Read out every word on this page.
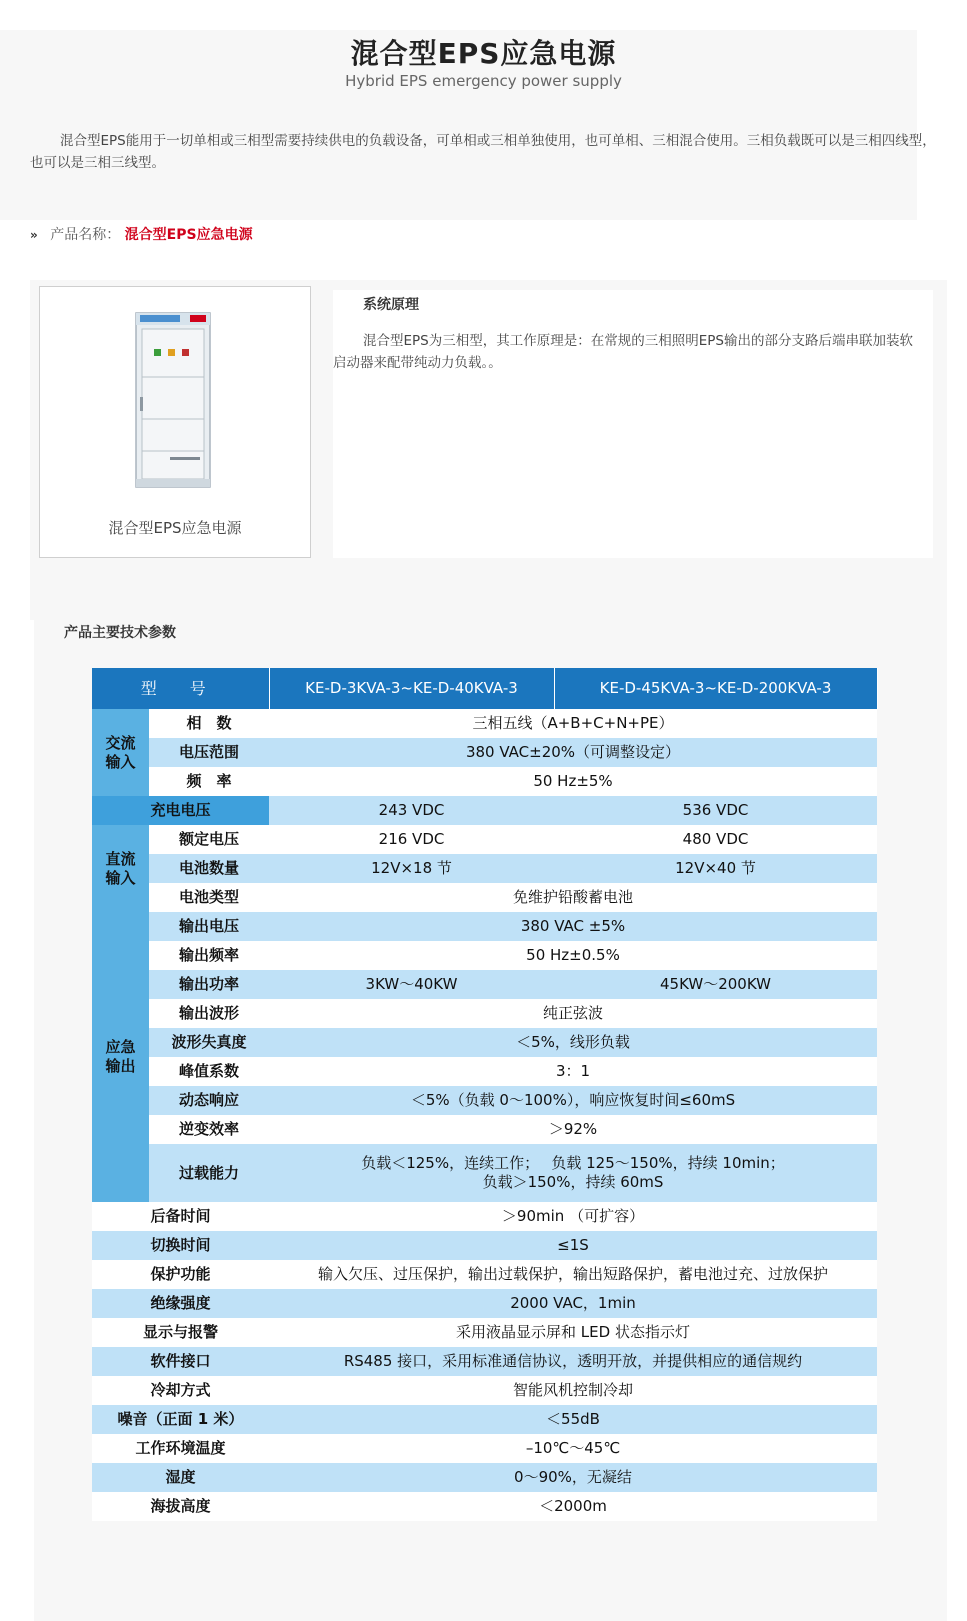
混合型EPS应急电源
Hybrid EPS emergency power supply
混合型EPS能用于一切单相或三相型需要持续供电的负载设备，可单相或三相单独使用，也可单相、三相混合使用。三相负载既可以是三相四线型，也可以是三相三线型。
» 产品名称： 混合型EPS应急电源
混合型EPS应急电源
系统原理
混合型EPS为三相型，其工作原理是：在常规的三相照明EPS输出的部分支路后端串联加装软启动器来配带纯动力负载。。
产品主要技术参数
型 号		KE-D-3KVA-3~KE-D-40KVA-3	KE-D-45KVA-3~KE-D-200KVA-3
交流
输入	相　数	三相五线（A+B+C+N+PE）	
	电压范围	380 VAC±20%（可调整设定）	
	频　率	50 Hz±5%	
充电电压		243 VDC	536 VDC
直流
输入	额定电压	216 VDC	480 VDC
	电池数量	12V×18 节	12V×40 节
	电池类型	免维护铅酸蓄电池	
应急
输出	输出电压	380 VAC ±5%	
	输出频率	50 Hz±0.5%	
	输出功率	3KW～40KW	45KW～200KW
	输出波形	纯正弦波	
	波形失真度	＜5%，线形负载	
	峰值系数	3：1	
	动态响应	＜5%（负载 0～100%），响应恢复时间≤60mS	
	逆变效率	＞92%	
	过载能力	负载＜125%，连续工作；　 负载 125～150%，持续 10min；
负载＞150%，持续 60mS	

后备时间		＞90min （可扩容）	
切换时间		≤1S	
保护功能		输入欠压、过压保护，输出过载保护，输出短路保护，蓄电池过充、过放保护	
绝缘强度		2000 VAC，1min	
显示与报警		采用液晶显示屏和 LED 状态指示灯	
软件接口		RS485 接口，采用标准通信协议，透明开放，并提供相应的通信规约	
冷却方式		智能风机控制冷却	
噪音（正面 1 米）		＜55dB	
工作环境温度		–10℃～45℃	
湿度		0～90%，无凝结	
海拔高度		＜2000m	
